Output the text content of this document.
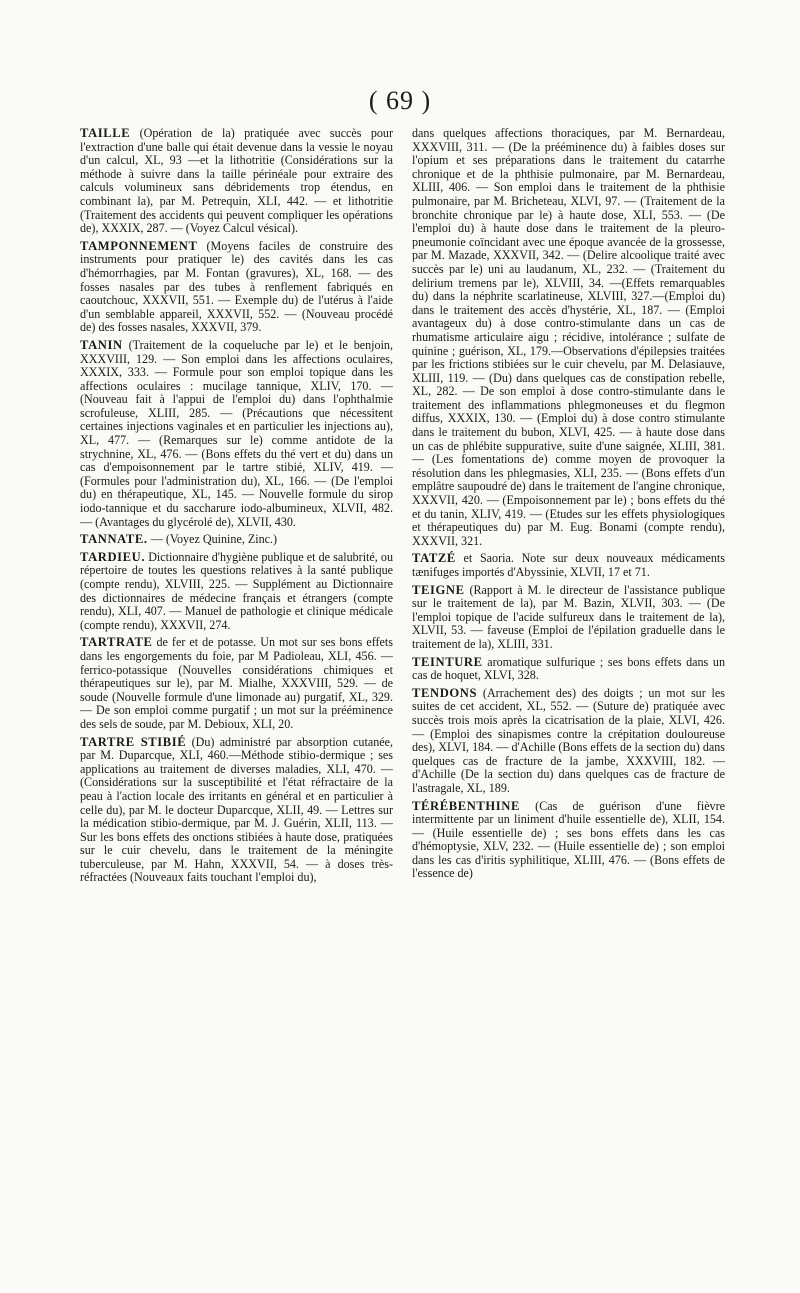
( 69 )

TAILLE (Opération de la) pratiquée avec succès pour l'extraction d'une balle qui était devenue dans la vessie le noyau d'un calcul, XL, 93 —et la lithotritie (Considérations sur la méthode à suivre dans la taille périnéale pour extraire des calculs volumineux sans débridements trop étendus, en combinant la), par M. Petrequin, XLI, 442. — et lithotritie (Traitement des accidents qui peuvent compliquer les opérations de), XXXIX, 287. — (Voyez Calcul vésical).

TAMPONNEMENT (Moyens faciles de construire des instruments pour pratiquer le) des cavités dans les cas d'hémorrhagies, par M. Fontan (gravures), XL, 168. — des fosses nasales par des tubes à renflement fabriqués en caoutchouc, XXXVII, 551. — Exemple du) de l'utérus à l'aide d'un semblable appareil, XXXVII, 552. — (Nouveau procédé de) des fosses nasales, XXXVII, 379.

TANIN (Traitement de la coqueluche par le) et le benjoin, XXXVIII, 129. — Son emploi dans les affections oculaires, XXXIX, 333. — Formule pour son emploi topique dans les affections oculaires : mucilage tannique, XLIV, 170. — (Nouveau fait à l'appui de l'emploi du) dans l'ophthalmie scrofuleuse, XLIII, 285. — (Précautions que nécessitent certaines injections vaginales et en particulier les injections au), XL, 477. — (Remarques sur le) comme antidote de la strychnine, XL, 476. — (Bons effets du thé vert et du) dans un cas d'empoisonnement par le tartre stibié, XLIV, 419. — (Formules pour l'administration du), XL, 166. — (De l'emploi du) en thérapeutique, XL, 145. — Nouvelle formule du sirop iodo-tannique et du saccharure iodo-albumineux, XLVII, 482. — (Avantages du glycérolé de), XLVII, 430.

TANNATE. — (Voyez Quinine, Zinc.)

TARDIEU. Dictionnaire d'hygiène publique et de salubrité, ou répertoire de toutes les questions relatives à la santé publique (compte rendu), XLVIII, 225. — Supplément au Dictionnaire des dictionnaires de médecine français et étrangers (compte rendu), XLI, 407. — Manuel de pathologie et clinique médicale (compte rendu), XXXVII, 274.

TARTRATE de fer et de potasse. Un mot sur ses bons effets dans les engorgements du foie, par M Padioleau, XLI, 456. — ferrico-potassique (Nouvelles considérations chimiques et thérapeutiques sur le), par M. Mialhe, XXXVIII, 529. — de soude (Nouvelle formule d'une limonade au) purgatif, XL, 329. — De son emploi comme purgatif ; un mot sur la prééminence des sels de soude, par M. Debioux, XLI, 20.

TARTRE STIBIÉ (Du) administré par absorption cutanée, par M. Duparcque, XLI, 460.—Méthode stibio-dermique ; ses applications au traitement de diverses maladies, XLI, 470. — (Considérations sur la susceptibilité et l'état réfractaire de la peau à l'action locale des irritants en général et en particulier à celle du), par M. le docteur Duparcque, XLII, 49. — Lettres sur la médication stibio-dermique, par M. J. Guérin, XLII, 113. — Sur les bons effets des onctions stibiées à haute dose, pratiquées sur le cuir chevelu, dans le traitement de la méningite tuberculeuse, par M. Hahn, XXXVII, 54. — à doses très-réfractées (Nouveaux faits touchant l'emploi du),

dans quelques affections thoraciques, par M. Bernardeau, XXXVIII, 311. — (De la prééminence du) à faibles doses sur l'opium et ses préparations dans le traitement du catarrhe chronique et de la phthisie pulmonaire, par M. Bernardeau, XLIII, 406. — Son emploi dans le traitement de la phthisie pulmonaire, par M. Bricheteau, XLVI, 97. — (Traitement de la bronchite chronique par le) à haute dose, XLI, 553. — (De l'emploi du) à haute dose dans le traitement de la pleuro-pneumonie coïncidant avec une époque avancée de la grossesse, par M. Mazade, XXXVII, 342. — (Delire alcoolique traité avec succès par le) uni au laudanum, XL, 232. — (Traitement du delirium tremens par le), XLVIII, 34. —(Effets remarquables du) dans la néphrite scarlatineuse, XLVIII, 327.—(Emploi du) dans le traitement des accès d'hystérie, XL, 187. — (Emploi avantageux du) à dose contro-stimulante dans un cas de rhumatisme articulaire aigu ; récidive, intolérance ; sulfate de quinine ; guérison, XL, 179.—Observations d'épilepsies traitées par les frictions stibiées sur le cuir chevelu, par M. Delasiauve, XLIII, 119. — (Du) dans quelques cas de constipation rebelle, XL, 282. — De son emploi à dose contro-stimulante dans le traitement des inflammations phlegmoneuses et du flegmon diffus, XXXIX, 130. — (Emploi du) à dose contro stimulante dans le traitement du bubon, XLVI, 425. — à haute dose dans un cas de phlébite suppurative, suite d'une saignée, XLIII, 381. — (Les fomentations de) comme moyen de provoquer la résolution dans les phlegmasies, XLI, 235. — (Bons effets d'un emplâtre saupoudré de) dans le traitement de l'angine chronique, XXXVII, 420. — (Empoisonnement par le) ; bons effets du thé et du tanin, XLIV, 419. — (Etudes sur les effets physiologiques et thérapeutiques du) par M. Eug. Bonami (compte rendu), XXXVII, 321.

TATZÉ et Saoria. Note sur deux nouveaux médicaments tænifuges importés d'Abyssinie, XLVII, 17 et 71.

TEIGNE (Rapport à M. le directeur de l'assistance publique sur le traitement de la), par M. Bazin, XLVII, 303. — (De l'emploi topique de l'acide sulfureux dans le traitement de la), XLVII, 53. — faveuse (Emploi de l'épilation graduelle dans le traitement de la), XLIII, 331.

TEINTURE aromatique sulfurique ; ses bons effets dans un cas de hoquet, XLVI, 328.

TENDONS (Arrachement des) des doigts ; un mot sur les suites de cet accident, XL, 552. — (Suture de) pratiquée avec succès trois mois après la cicatrisation de la plaie, XLVI, 426. — (Emploi des sinapismes contre la crépitation douloureuse des), XLVI, 184. — d'Achille (Bons effets de la section du) dans quelques cas de fracture de la jambe, XXXVIII, 182. — d'Achille (De la section du) dans quelques cas de fracture de l'astragale, XL, 189.

TÉRÉBENTHINE (Cas de guérison d'une fièvre intermittente par un liniment d'huile essentielle de), XLII, 154. — (Huile essentielle de) ; ses bons effets dans les cas d'hémoptysie, XLV, 232. — (Huile essentielle de) ; son emploi dans les cas d'iritis syphilitique, XLIII, 476. — (Bons effets de l'essence de)
